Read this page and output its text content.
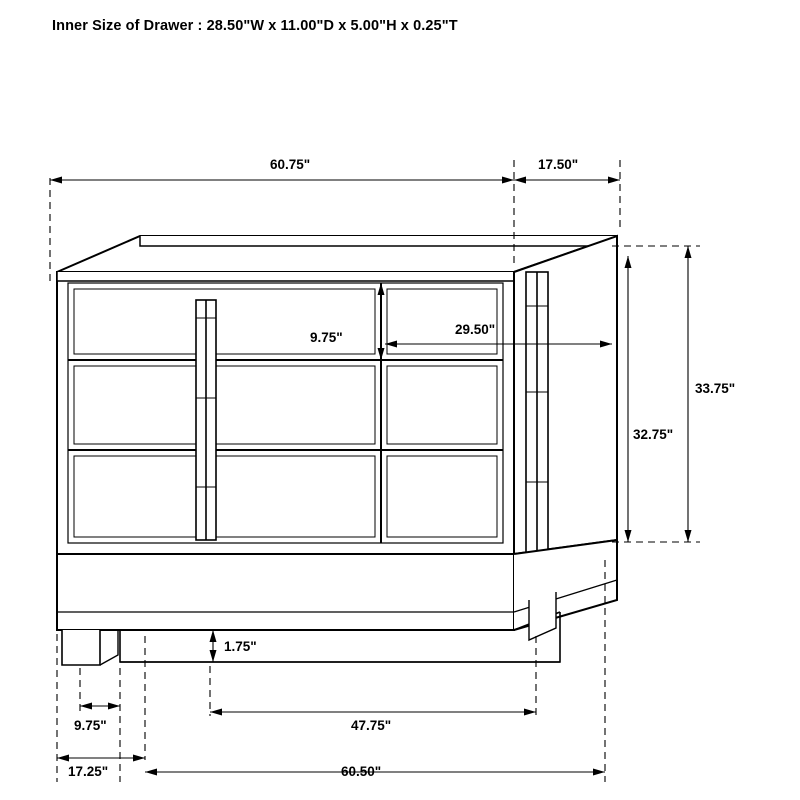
Inner Size of Drawer : 28.50"W x 11.00"D x 5.00"H x 0.25"T
60.75"	17.50"
9.75"
29.50"
33.75"
32.75"
1.75"
9.75"
17.25"
47.75"
60.50"
